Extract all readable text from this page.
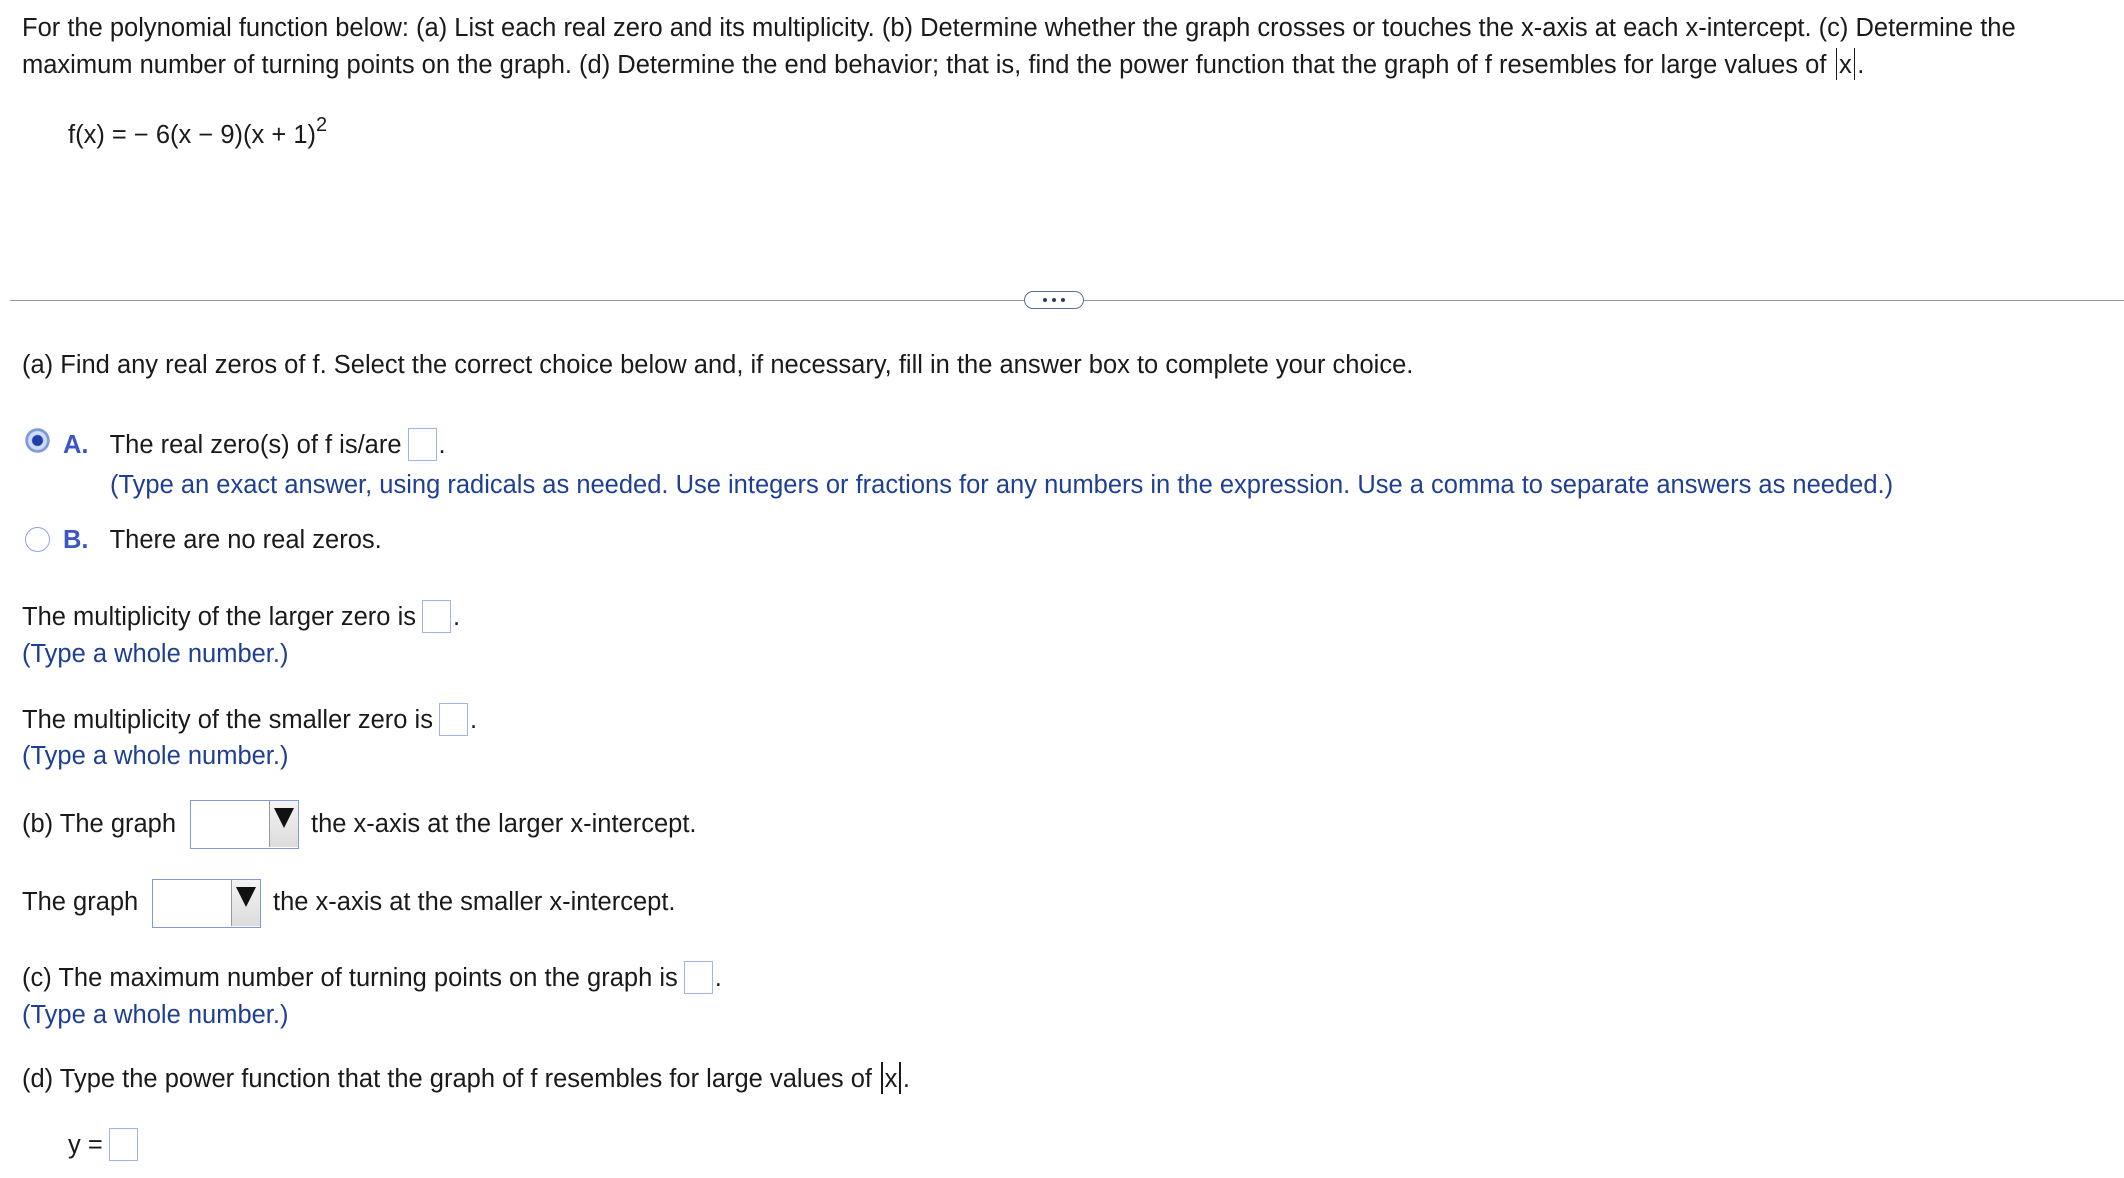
For the polynomial function below: (a) List each real zero and its multiplicity. (b) Determine whether the graph crosses or touches the x-axis at each x-intercept. (c) Determine the
maximum number of turning points on the graph. (d) Determine the end behavior; that is, find the power function that the graph of f resembles for large values of x .
f(x) = − $6(x - 9)(x + 1)^2$
(a) Find any real zeros of f. Select the correct choice below and, if necessary, fill in the answer box to complete your choice.
A. The real zero(s) of f is/are .
(Type an exact answer, using radicals as needed. Use integers or fractions for any numbers in the expression. Use a comma to separate answers as needed.)
B. There are no real zeros.
The multiplicity of the larger zero is .
(Type a whole number.)
The multiplicity of the smaller zero is .
(Type a whole number.)
(b) The graph	the x-axis at the larger x-intercept.
The graph	the x-axis at the smaller x-intercept.
(c) The maximum number of turning points on the graph is .
(Type a whole number.)
(d) Type the power function that the graph of f resembles for large values of x .
y =
